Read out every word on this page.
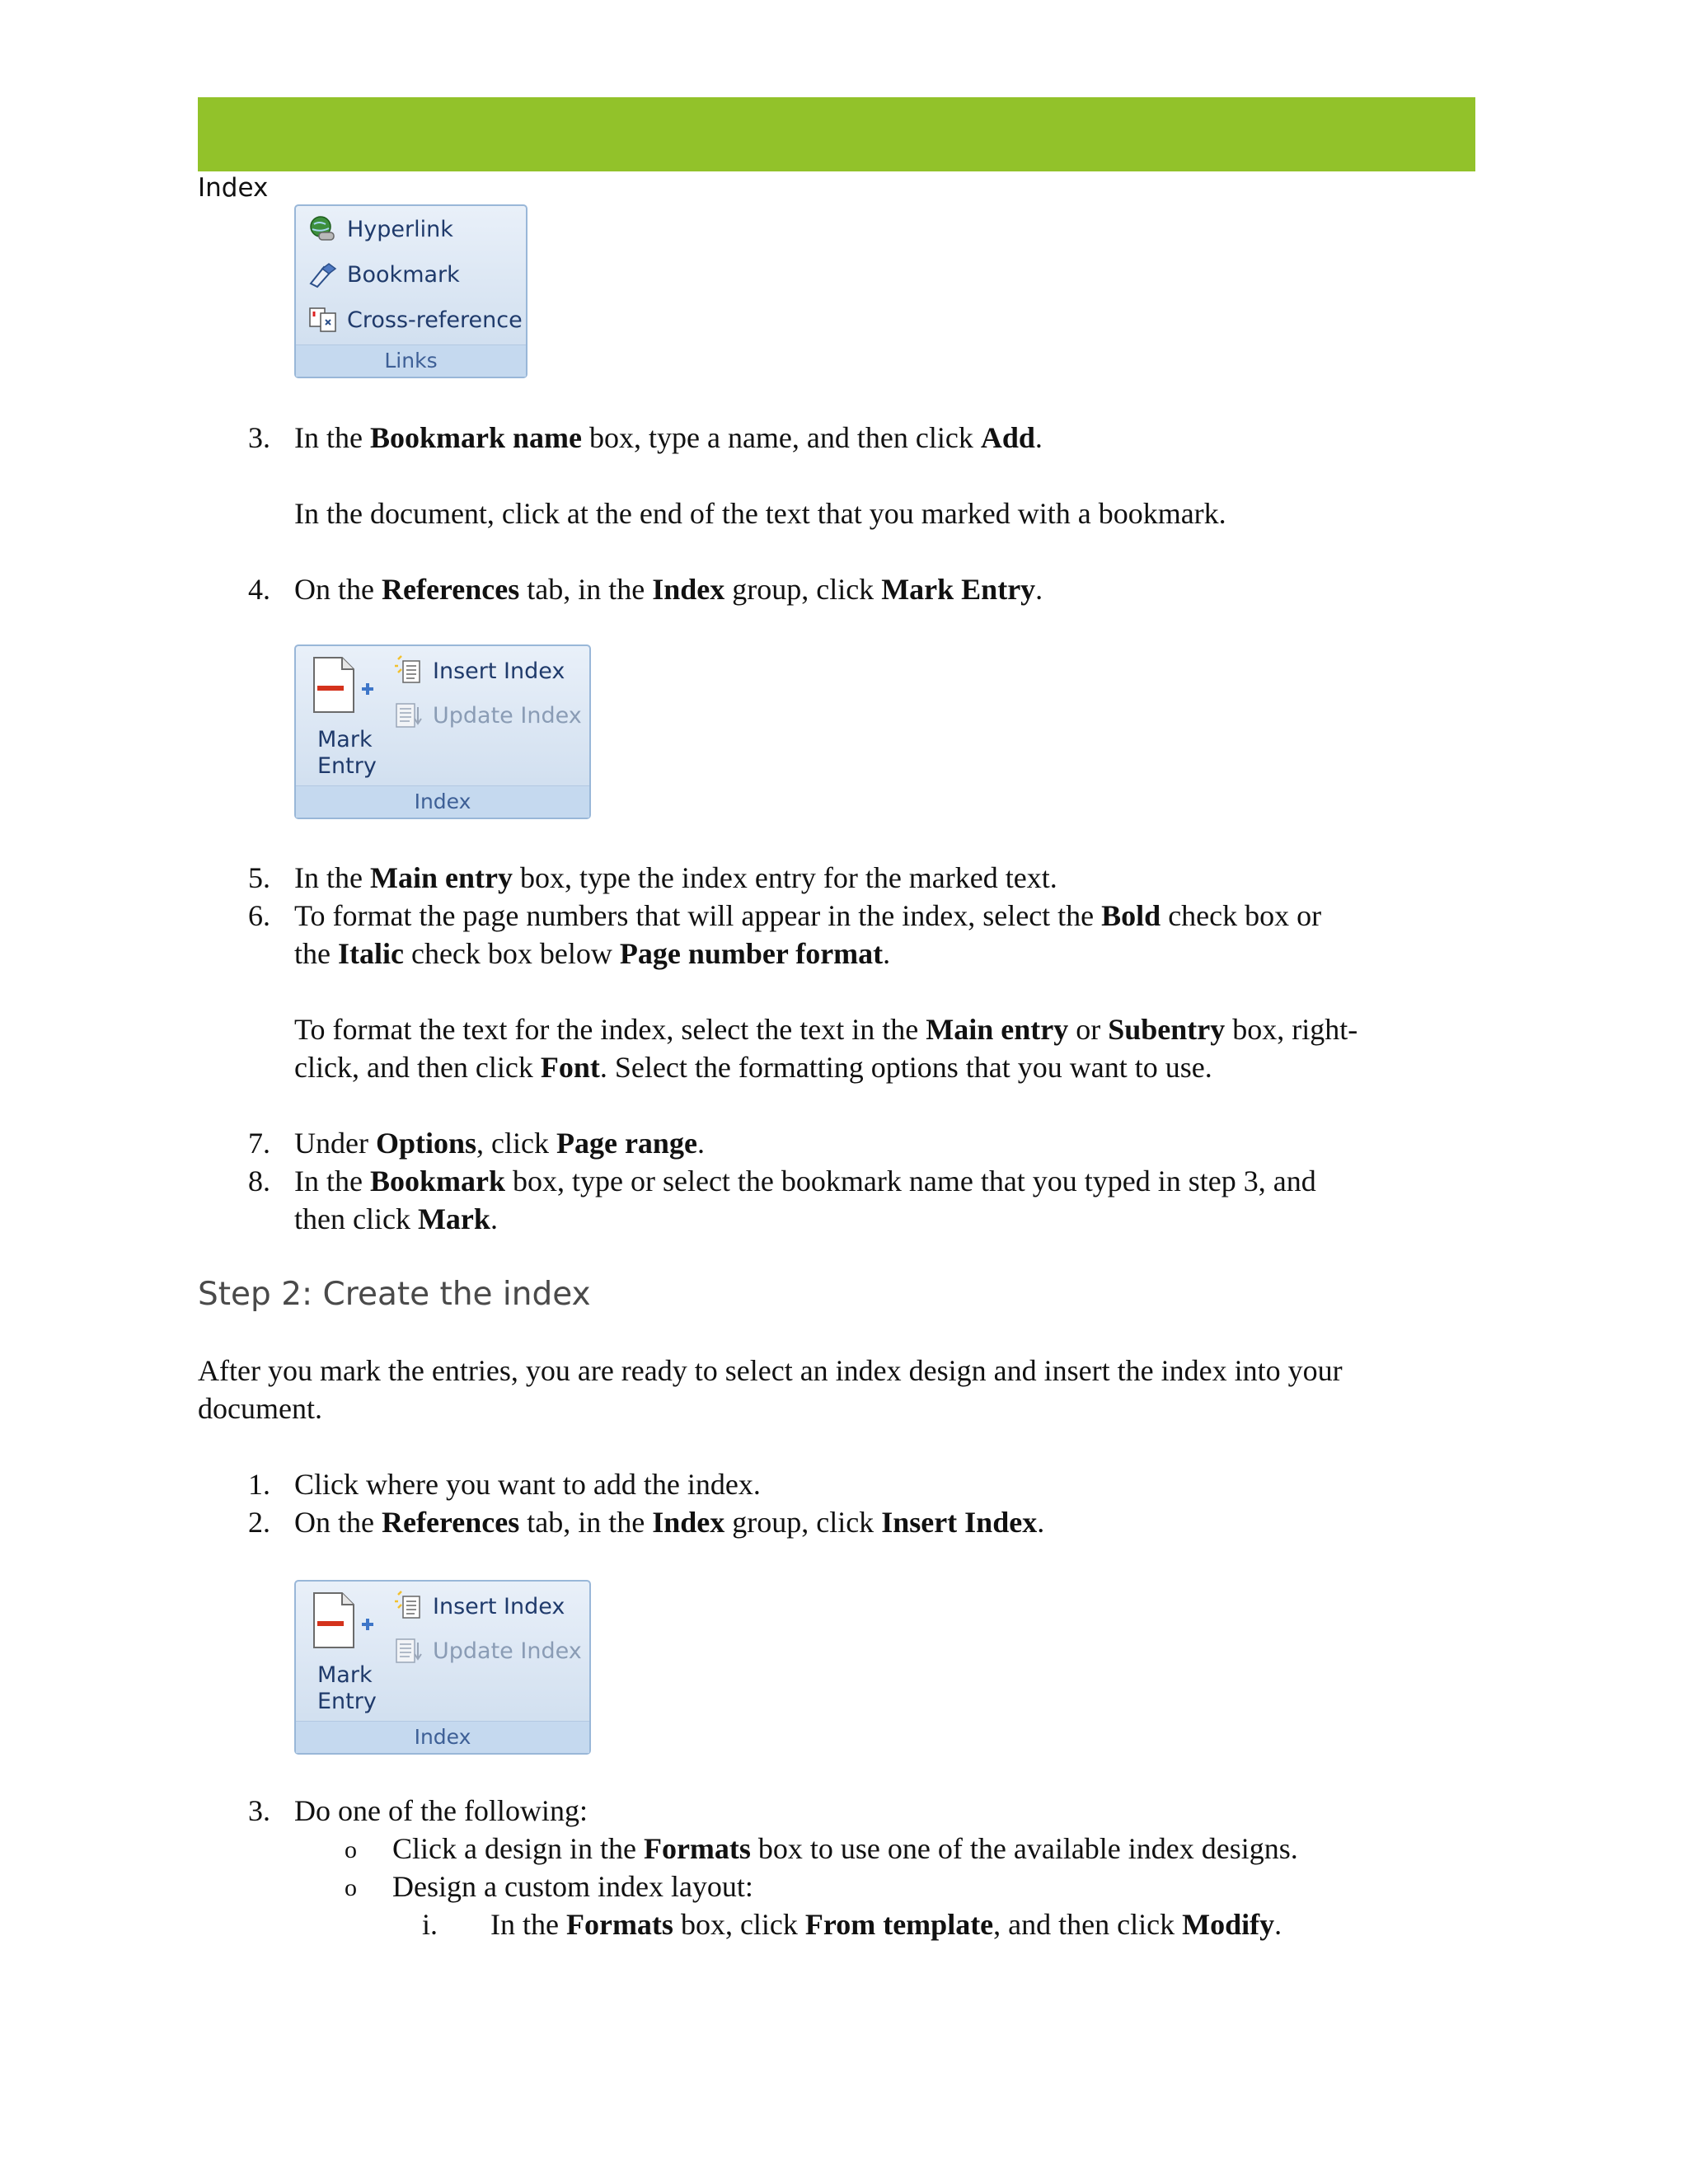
Index
Hyperlink
Bookmark
Cross-reference
Links
3. In the Bookmark name box, type a name, and then click Add.
In the document, click at the end of the text that you marked with a bookmark.
4. On the References tab, in the Index group, click Mark Entry.
Mark
Entry
Insert Index
Update Index
Index
5. In the Main entry box, type the index entry for the marked text.
6. To format the page numbers that will appear in the index, select the Bold check box or
the Italic check box below Page number format.
To format the text for the index, select the text in the Main entry or Subentry box, right-
click, and then click Font. Select the formatting options that you want to use.
7. Under Options, click Page range.
8. In the Bookmark box, type or select the bookmark name that you typed in step 3, and
then click Mark.
Step 2: Create the index
After you mark the entries, you are ready to select an index design and insert the index into your
document.
1. Click where you want to add the index.
2. On the References tab, in the Index group, click Insert Index.
Mark
Entry
Insert Index
Update Index
Index
3. Do one of the following:
o Click a design in the Formats box to use one of the available index designs.
o Design a custom index layout:
i. In the Formats box, click From template, and then click Modify.
